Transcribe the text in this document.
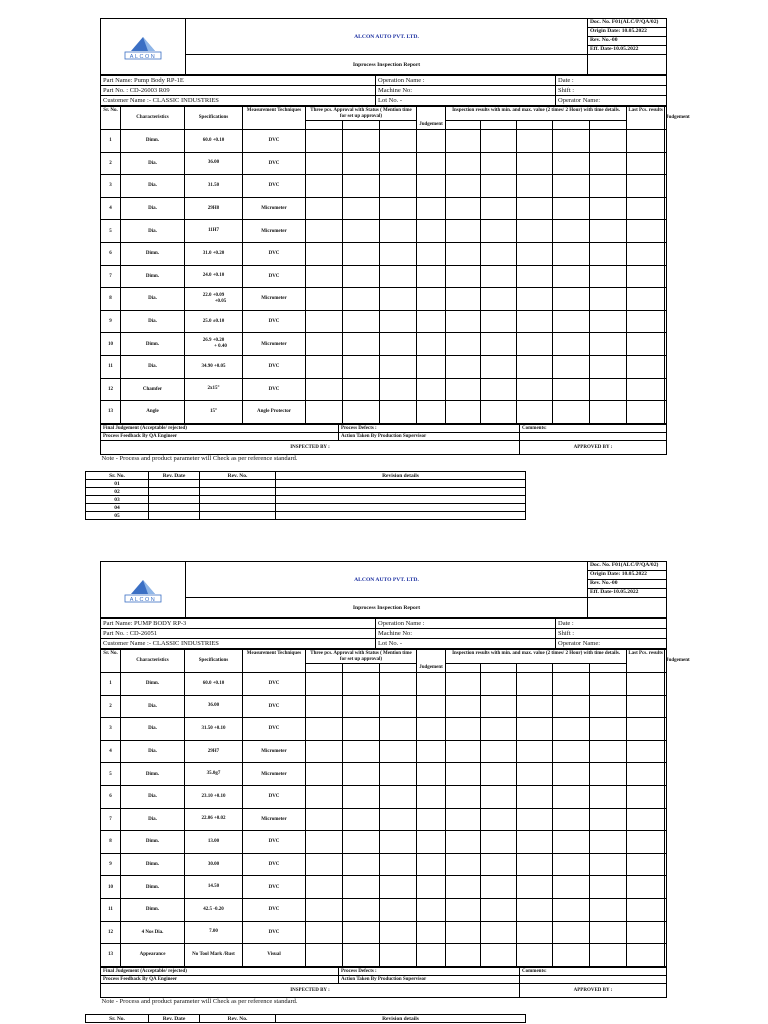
ALCON	ALCON AUTO PVT. LTD.	Doc. No. F01(ALC/P/QA/02)
Origin Date: 10.05.2022
Rev. No.-00
Eff. Date-10.05.2022

	Inprocess Inspection Report	
Part Name: Pump Body RP-1E	Operation Name :	Date :
Part No. : CD-26003 R09	Machine No:	Shift :
Customer Name :- CLASSIC INDUSTRIES	Lot No. -	Operator Name:
Sr. No.	Characteristics	Specifications	Measurement Techniques	Three pcs. Approval with Status ( Mention time for set up approval)				Inspection results with min. and max. value (2 times/ 2 Hour) with time details.					Last Pcs. results	Judgement
							Judgement							
1	Dimn.	60.0 +0.10	DVC											
2	Dia.	36.00	DVC											
3	Dia.	31.50	DVC											
4	Dia.	29H8	Micrometer											
5	Dia.	11H7	Micrometer											
6	Dimn.	31.0 +0.20	DVC											
7	Dimn.	24.0 +0.10	DVC											
8	Dia.	22.0 +0.09
+0.05	Micrometer											
9	Dia.	25.0 ±0.10	DVC											
10	Dimn.	26.9 +0.20
+ 0.40	Micrometer											
11	Dia.	34.90 +0.05	DVC											
12	Chamfer	2x15°	DVC											
13	Angle	15°	Angle Protector											
Final Judgement (Acceptable/ rejected)	Process Defects :	Comments:
Process Feedback By QA Engineer	Action Taken By Production Supervisor	
INSPECTED BY :		APPROVED BY :
Note - Process and product parameter will Check as per reference standard.		
ALCON	ALCON AUTO PVT. LTD.	Doc. No. F01(ALC/P/QA/02)
Origin Date: 10.05.2022
Rev. No.-00
Eff. Date-10.05.2022

	Inprocess Inspection Report	
Part Name: PUMP BODY RP-3	Operation Name :	Date :
Part No. : CD-26051	Machine No:	Shift :
Customer Name :- CLASSIC INDUSTRIES	Lot No. -	Operator Name:
Sr. No.	Characteristics	Specifications	Measurement Techniques	Three pcs. Approval with Status ( Mention time for set up approval)				Inspection results with min. and max. value (2 times/ 2 Hour) with time details.					Last Pcs. results	Judgement
							Judgement							
1	Dimn.	60.0 +0.10	DVC											
2	Dia.	36.00	DVC											
3	Dia.	31.50 +0.10	DVC											
4	Dia.	29H7	Micrometer											
5	Dimn.	35.0g7	Micrometer											
6	Dia.	23.10 +0.10	DVC											
7	Dia.	22.06 +0.02	Micrometer											
8	Dimn.	13.00	DVC											
9	Dimn.	30.00	DVC											
10	Dimn.	14.50	DVC											
11	Dimn.	42.5 -0.20	DVC											
12	4 Nos Dia.	7.00	DVC											
13	Appearance	No Tool Mark /Rust	Visual											
Final Judgement (Acceptable/ rejected)	Process Defects :	Comments:
Process Feedback By QA Engineer	Action Taken By Production Supervisor	
INSPECTED BY :		APPROVED BY :
Note - Process and product parameter will Check as per reference standard.		
Sr. No.	Rev. Date	Rev. No.	Revision details
01			
02			
03			
04			
05			
Sr. No.	Rev. Date	Rev. No.	Revision details
